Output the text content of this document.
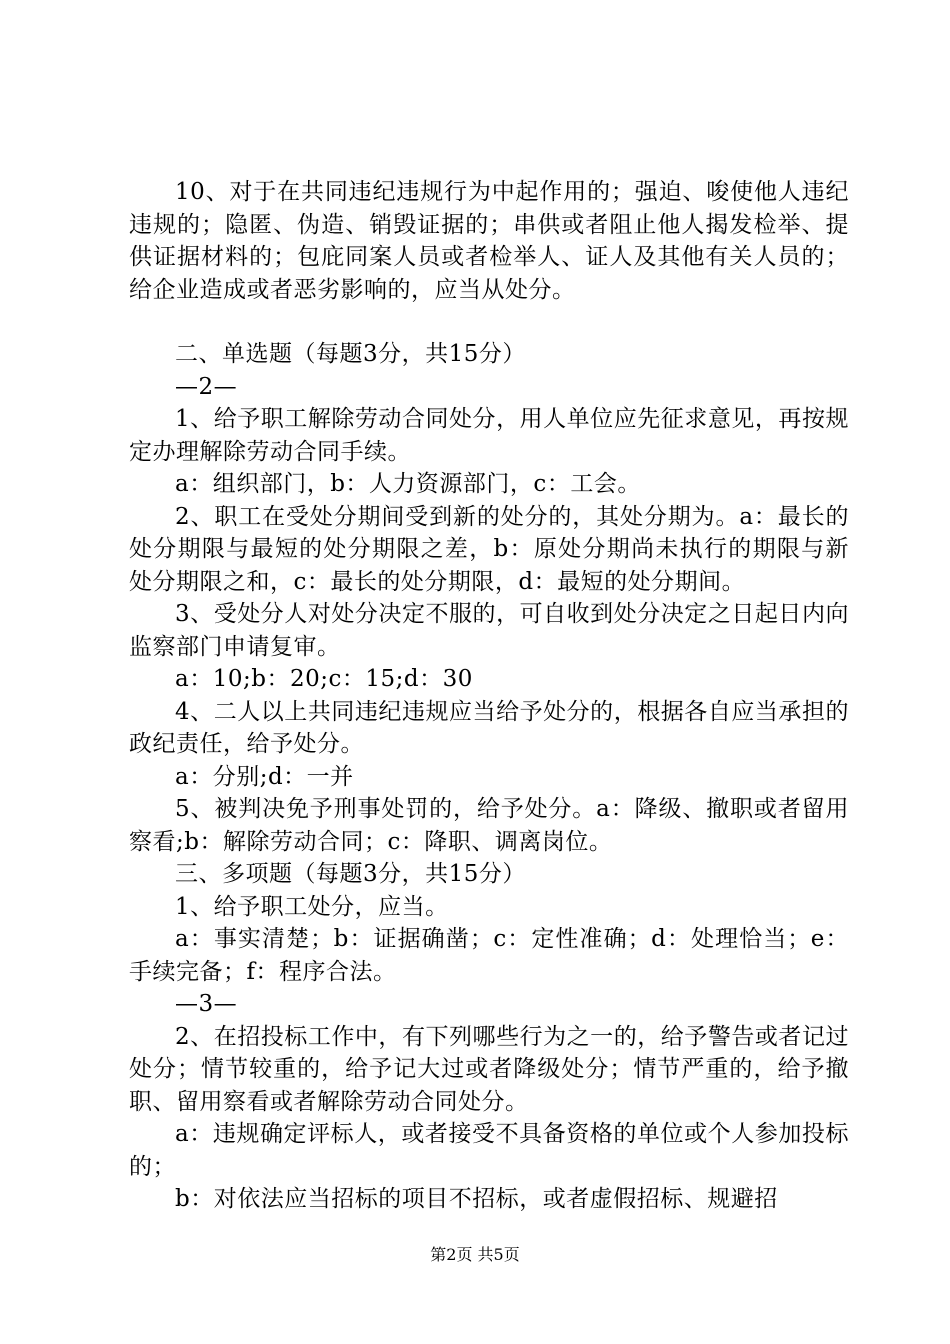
10、对于在共同违纪违规行为中起作用的；强迫、唆使他人违纪违规的；隐匿、伪造、销毁证据的；串供或者阻止他人揭发检举、提供证据材料的；包庇同案人员或者检举人、证人及其他有关人员的；给企业造成或者恶劣影响的，应当从处分。

二、单选题（每题3分，共15分）

—2—

1、给予职工解除劳动合同处分，用人单位应先征求意见，再按规定办理解除劳动合同手续。

a：组织部门，b：人力资源部门，c：工会。

2、职工在受处分期间受到新的处分的，其处分期为。a：最长的处分期限与最短的处分期限之差，b：原处分期尚未执行的期限与新处分期限之和，c：最长的处分期限，d：最短的处分期间。

3、受处分人对处分决定不服的，可自收到处分决定之日起日内向监察部门申请复审。

a：10;b：20;c：15;d：30

4、二人以上共同违纪违规应当给予处分的，根据各自应当承担的政纪责任，给予处分。

a：分别;d：一并

5、被判决免予刑事处罚的，给予处分。a：降级、撤职或者留用察看;b：解除劳动合同；c：降职、调离岗位。

三、多项题（每题3分，共15分）

1、给予职工处分，应当。

a：事实清楚；b：证据确凿；c：定性准确；d：处理恰当；e：手续完备；f：程序合法。

—3—

2、在招投标工作中，有下列哪些行为之一的，给予警告或者记过处分；情节较重的，给予记大过或者降级处分；情节严重的，给予撤职、留用察看或者解除劳动合同处分。

a：违规确定评标人，或者接受不具备资格的单位或个人参加投标的；

b：对依法应当招标的项目不招标，或者虚假招标、规避招

第2页 共5页
